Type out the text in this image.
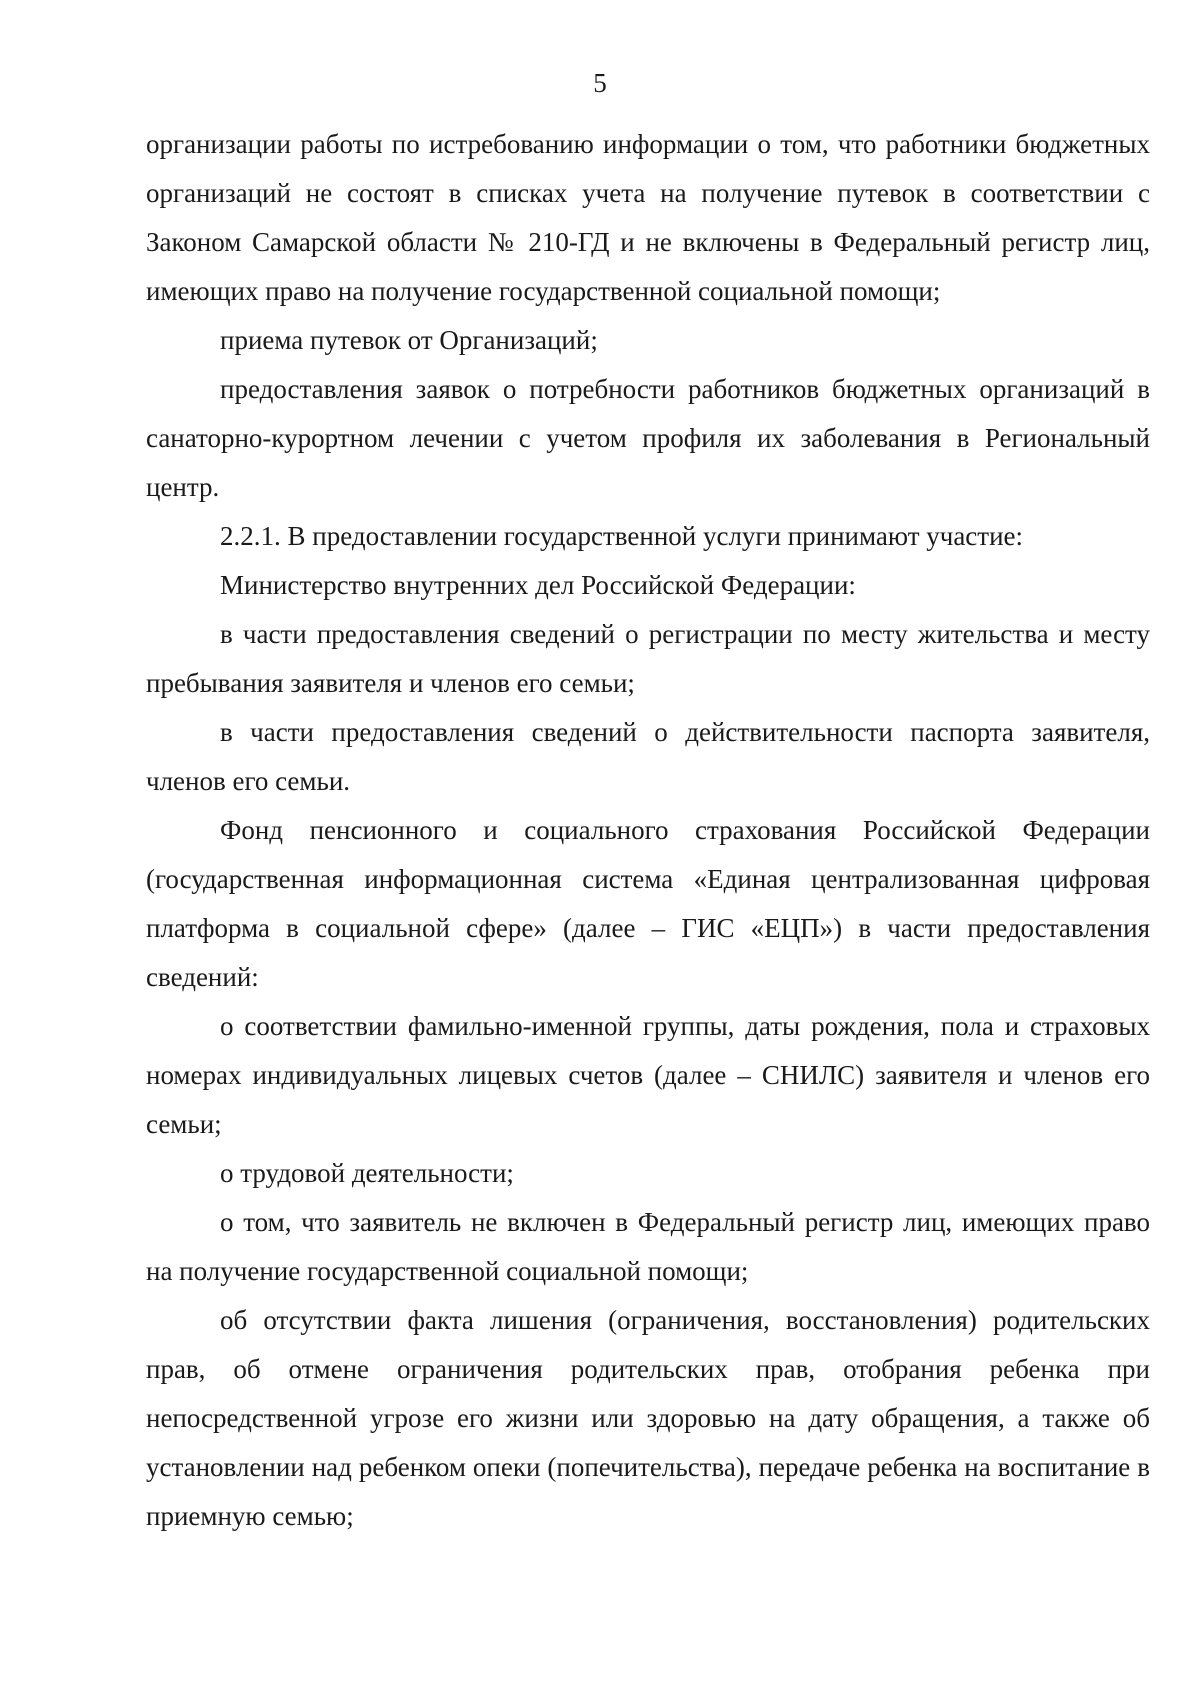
5

организации работы по истребованию информации о том, что работники бюджетных организаций не состоят в списках учета на получение путевок в соответствии с Законом Самарской области № 210-ГД и не включены в Федеральный регистр лиц, имеющих право на получение государственной социальной помощи;

приема путевок от Организаций;

предоставления заявок о потребности работников бюджетных организаций в санаторно-курортном лечении с учетом профиля их заболевания в Региональный центр.

2.2.1. В предоставлении государственной услуги принимают участие:

Министерство внутренних дел Российской Федерации:

в части предоставления сведений о регистрации по месту жительства и месту пребывания заявителя и членов его семьи;

в части предоставления сведений о действительности паспорта заявителя, членов его семьи.

Фонд пенсионного и социального страхования Российской Федерации (государственная информационная система «Единая централизованная цифровая платформа в социальной сфере» (далее – ГИС «ЕЦП») в части предоставления сведений:

о соответствии фамильно-именной группы, даты рождения, пола и страховых номерах индивидуальных лицевых счетов (далее – СНИЛС) заявителя и членов его семьи;

о трудовой деятельности;

о том, что заявитель не включен в Федеральный регистр лиц, имеющих право на получение государственной социальной помощи;

об отсутствии факта лишения (ограничения, восстановления) родительских прав, об отмене ограничения родительских прав, отобрания ребенка при непосредственной угрозе его жизни или здоровью на дату обращения, а также об установлении над ребенком опеки (попечительства), передаче ребенка на воспитание в приемную семью;
